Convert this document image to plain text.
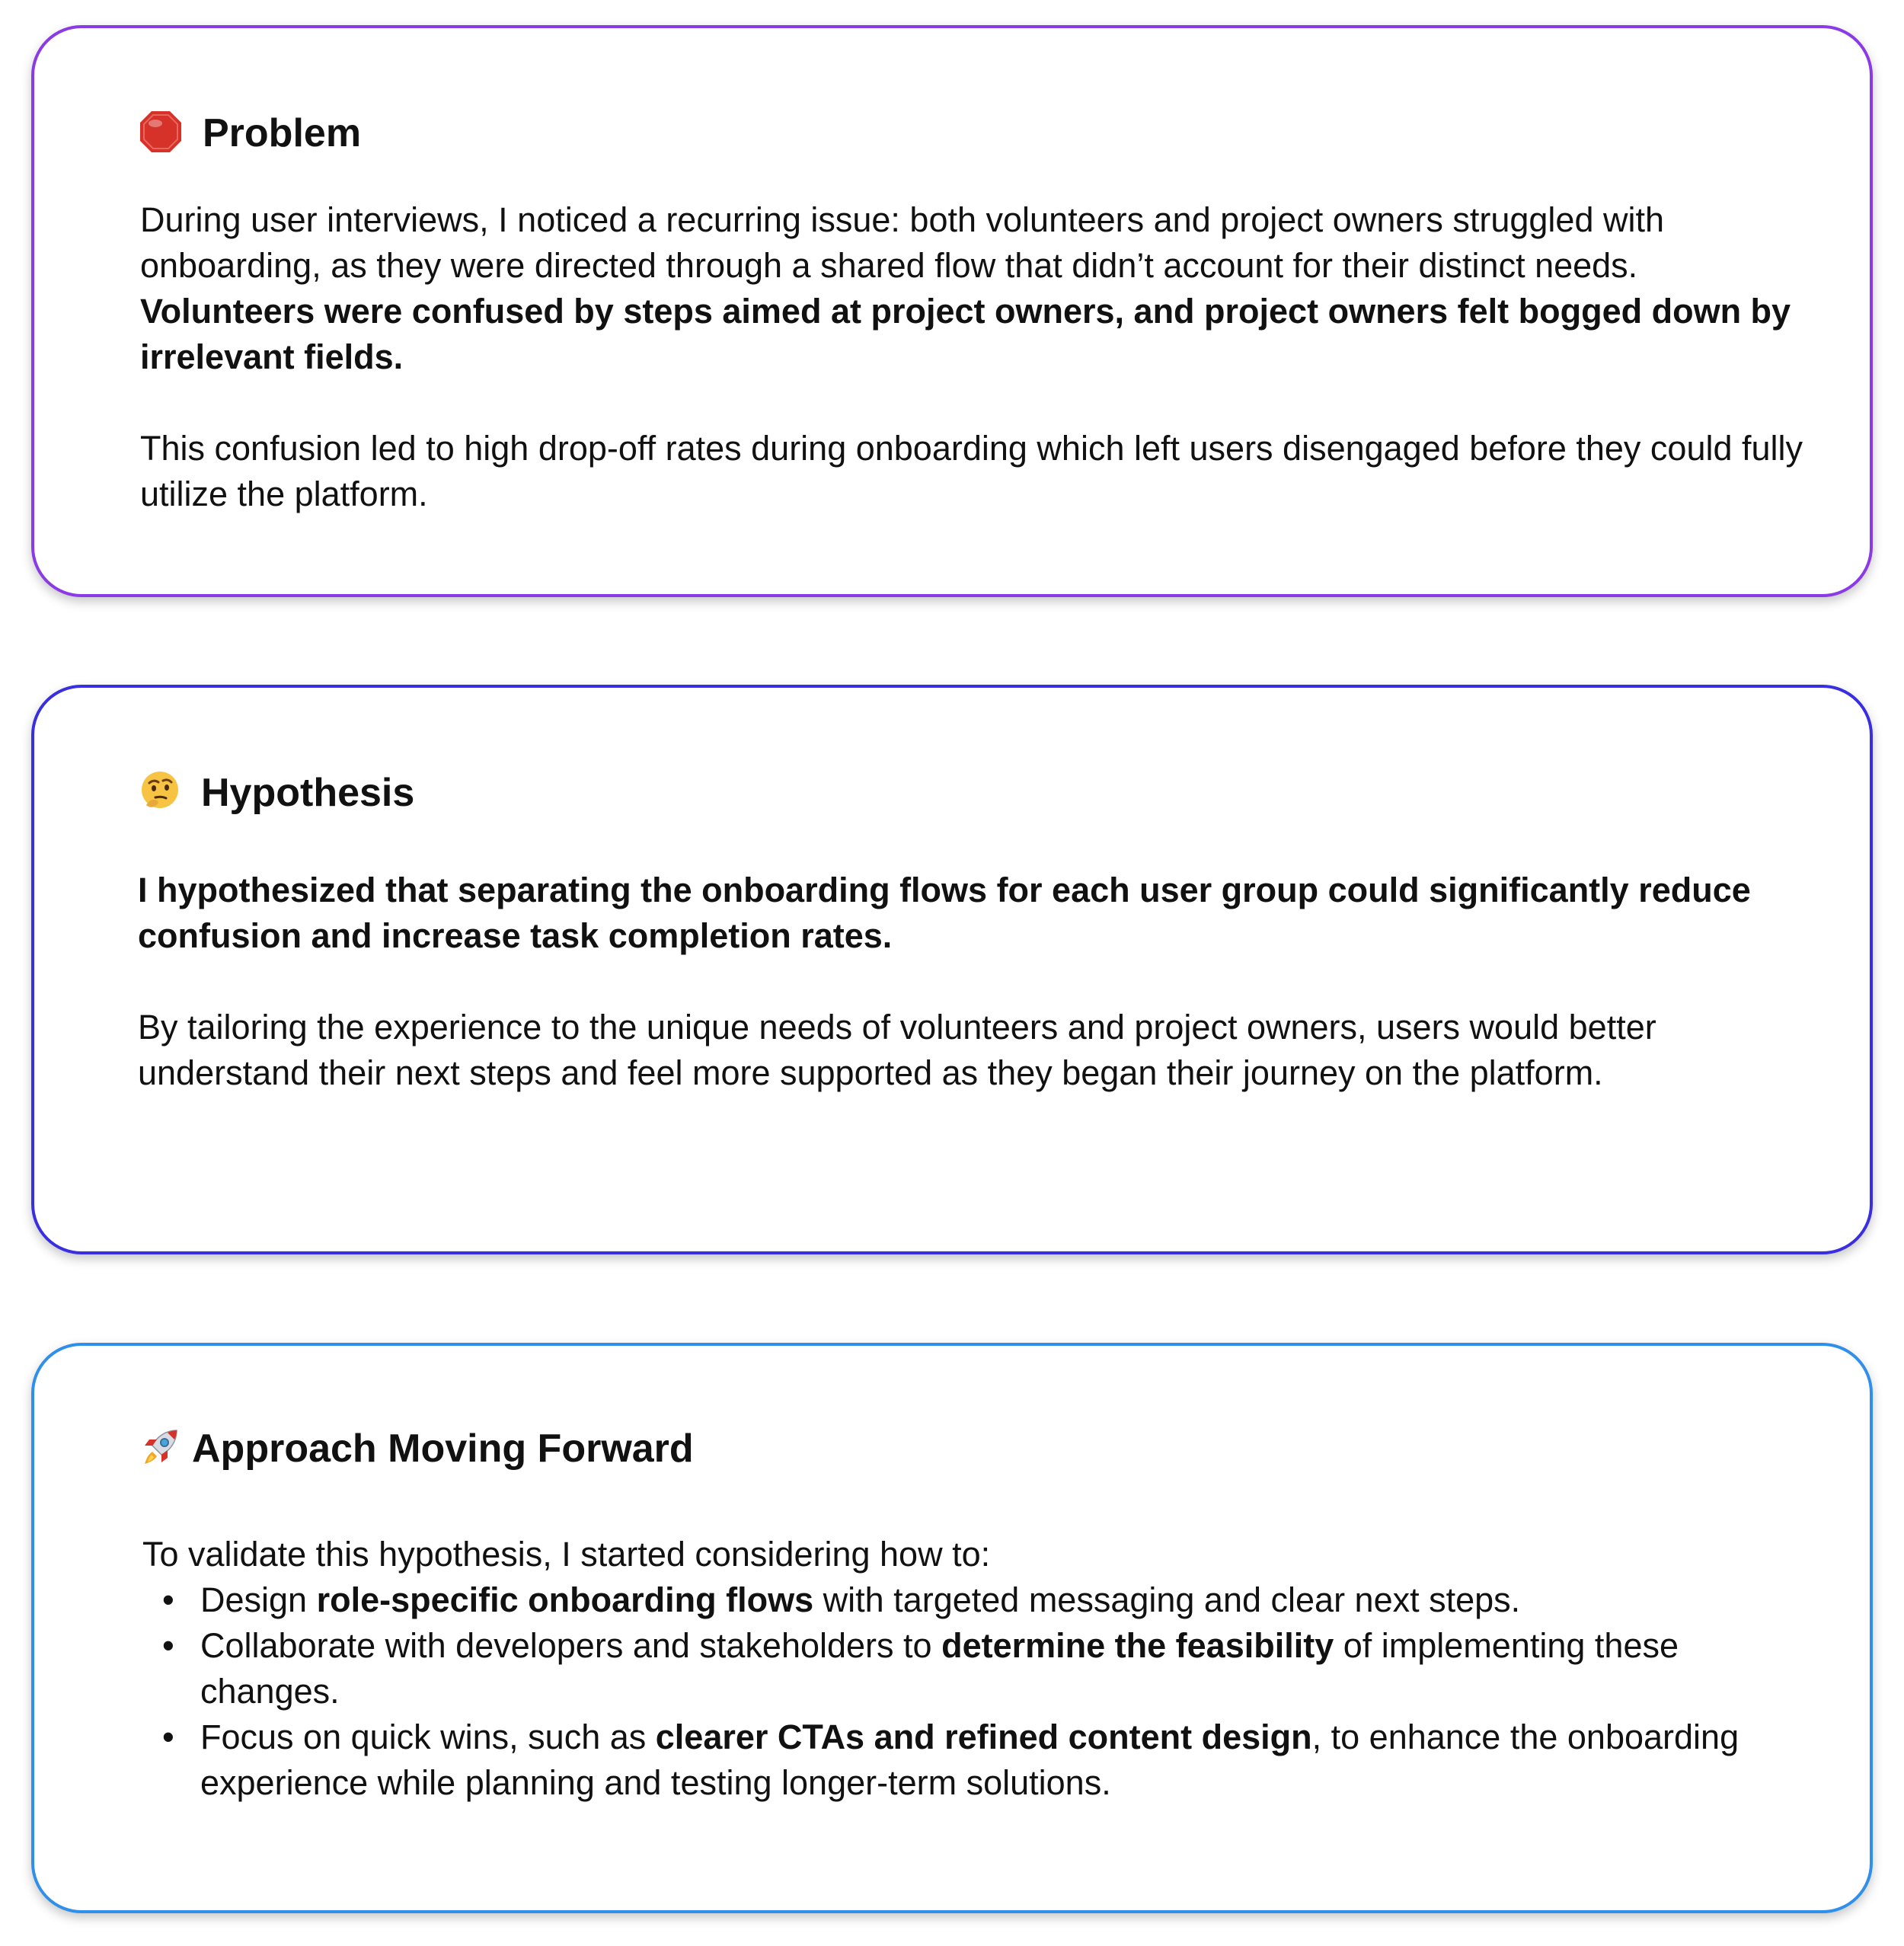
Problem

During user interviews, I noticed a recurring issue: both volunteers and project owners struggled with onboarding, as they were directed through a shared flow that didn’t account for their distinct needs. Volunteers were confused by steps aimed at project owners, and project owners felt bogged down by irrelevant fields.

This confusion led to high drop-off rates during onboarding which left users disengaged before they could fully utilize the platform.

Hypothesis

I hypothesized that separating the onboarding flows for each user group could significantly reduce confusion and increase task completion rates.

By tailoring the experience to the unique needs of volunteers and project owners, users would better understand their next steps and feel more supported as they began their journey on the platform.

Approach Moving Forward

To validate this hypothesis, I started considering how to:

• Design role-specific onboarding flows with targeted messaging and clear next steps.
• Collaborate with developers and stakeholders to determine the feasibility of implementing these changes.
• Focus on quick wins, such as clearer CTAs and refined content design, to enhance the onboarding experience while planning and testing longer-term solutions.
